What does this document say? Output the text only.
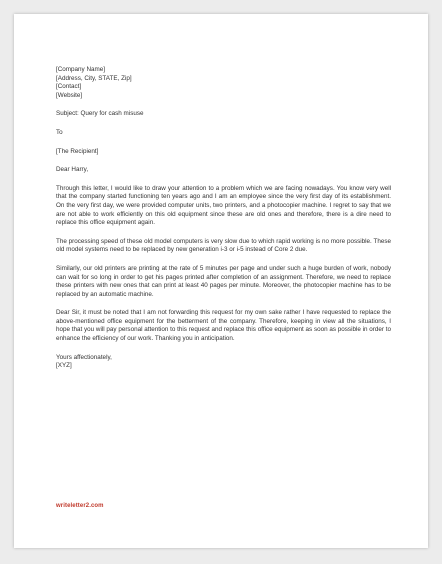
[Company Name]
[Address, City, STATE, Zip]
[Contact]
[Website]
Subject: Query for cash misuse
To
[The Recipient]
Dear Harry,

Through this letter, I would like to draw your attention to a problem which we are facing nowadays. You know very well that the company started functioning ten years ago and I am an employee since the very first day of its establishment. On the very first day, we were provided computer units, two printers, and a photocopier machine. I regret to say that we are not able to work efficiently on this old equipment since these are old ones and therefore, there is a dire need to replace this office equipment again.

The processing speed of these old model computers is very slow due to which rapid working is no more possible. These old model systems need to be replaced by new generation i-3 or i-5 instead of Core 2 due.

Similarly, our old printers are printing at the rate of 5 minutes per page and under such a huge burden of work, nobody can wait for so long in order to get his pages printed after completion of an assignment. Therefore, we need to replace these printers with new ones that can print at least 40 pages per minute. Moreover, the photocopier machine has to be replaced by an automatic machine.

Dear Sir, it must be noted that I am not forwarding this request for my own sake rather I have requested to replace the above-mentioned office equipment for the betterment of the company. Therefore, keeping in view all the situations, I hope that you will pay personal attention to this request and replace this office equipment as soon as possible in order to enhance the efficiency of our work. Thanking you in anticipation.

Yours affectionately,
[XYZ]
writeletter2.com
